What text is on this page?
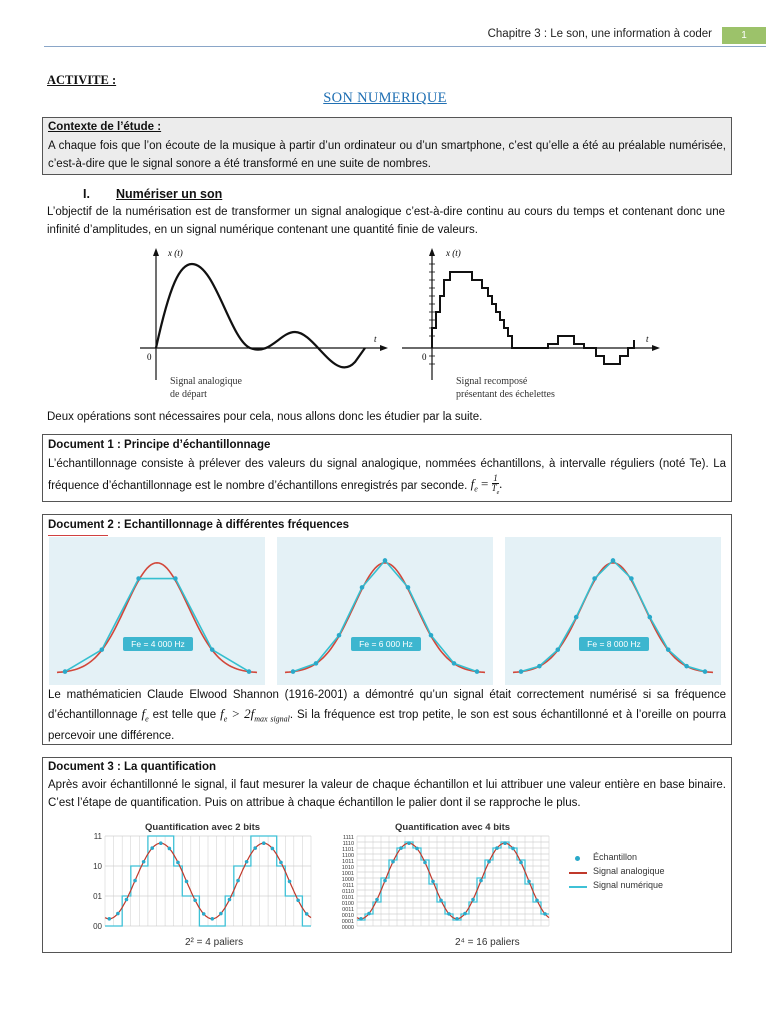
Chapitre 3 : Le son, une information à coder	1
ACTIVITE :
SON NUMERIQUE
Contexte de l’étude :
A chaque fois que l’on écoute de la musique à partir d’un ordinateur ou d’un smartphone, c’est qu’elle a été au préalable numérisée, c’est-à-dire que le signal sonore a été transformé en une suite de nombres.
I. Numériser un son
L’objectif de la numérisation est de transformer un signal analogique c’est-à-dire continu au cours du temps et contenant donc une infinité d’amplitudes, en un signal numérique contenant une quantité finie de valeurs.
x (t)
t
0
Signal analogique
de départ
x (t)
t
0
Signal recomposé
présentant des échelettes
Deux opérations sont nécessaires pour cela, nous allons donc les étudier par la suite.
Document 1 : Principe d’échantillonnage
L’échantillonnage consiste à prélever des valeurs du signal analogique, nommées échantillons, à intervalle réguliers (noté Te). La fréquence d’échantillonnage est le nombre d’échantillons enregistrés par seconde. $f_e = \frac{1}{T_e}$ .
Document 2 : Echantillonnage à différentes fréquences
Fe = 4 000 Hz	Fe = 6 000 Hz	Fe = 8 000 Hz
Le mathématicien Claude Elwood Shannon (1916-2001) a démontré qu’un signal était correctement numérisé si sa fréquence d’échantillonnage $f_e$ est telle que $f_e > 2f_{max signal}$. Si la fréquence est trop petite, le son est sous échantillonné et à l’oreille on pourra percevoir une différence.
Document 3 : La quantification
Après avoir échantillonné le signal, il faut mesurer la valeur de chaque échantillon et lui attribuer une valeur entière en base binaire. C’est l’étape de quantification. Puis on attribue à chaque échantillon le palier dont il se rapproche le plus.
Quantification avec 2 bits	Quantification avec 4 bits
11
10
01
00
1111
1110
1101
1100
1011
1010
1001
1000
0111
0110
0101
0100
0011
0010
0001
0000
2² = 4 paliers	2⁴ = 16 paliers
Échantillon
Signal analogique
Signal numérique
